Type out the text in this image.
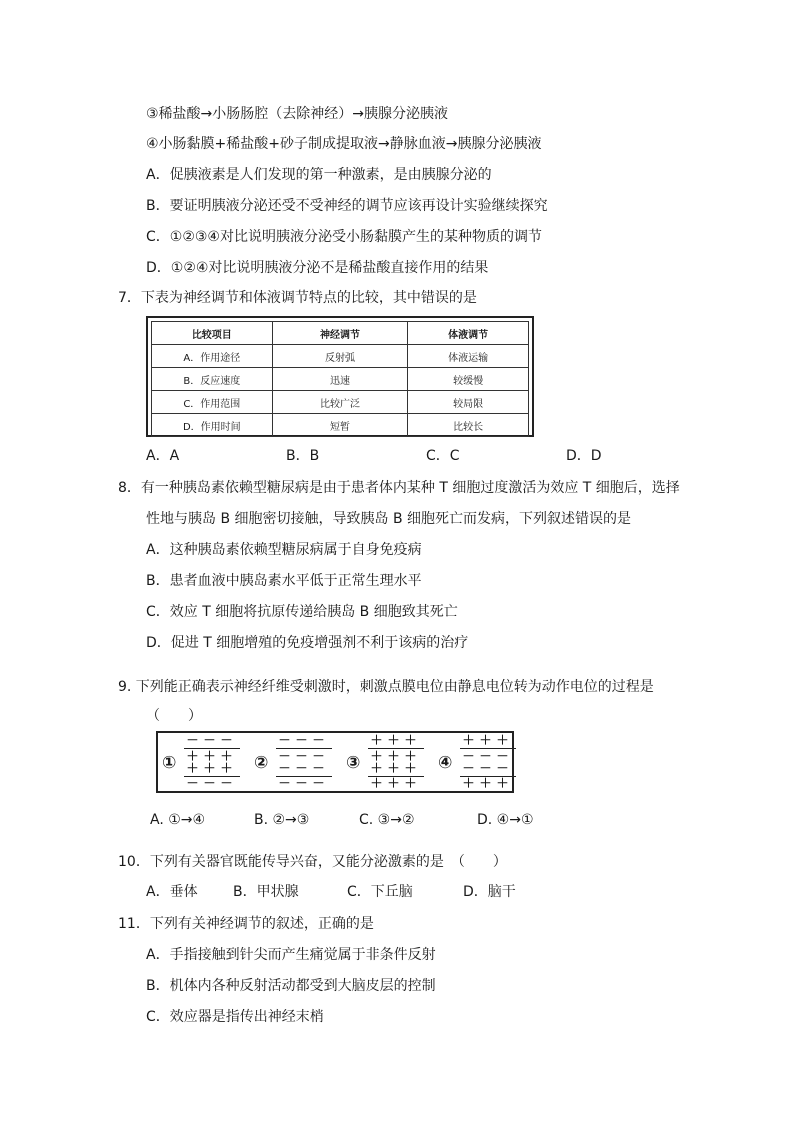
③稀盐酸→小肠肠腔（去除神经）→胰腺分泌胰液
④小肠黏膜+稀盐酸+砂子制成提取液→静脉血液→胰腺分泌胰液
A．促胰液素是人们发现的第一种激素，是由胰腺分泌的
B．要证明胰液分泌还受不受神经的调节应该再设计实验继续探究
C．①②③④对比说明胰液分泌受小肠黏膜产生的某种物质的调节
D．①②④对比说明胰液分泌不是稀盐酸直接作用的结果
7．下表为神经调节和体液调节特点的比较，其中错误的是
比较项目	神经调节	体液调节
A．作用途径	反射弧	体液运输
B．反应速度	迅速	较缓慢
C．作用范围	比较广泛	较局限
D．作用时间	短暂	比较长
A．A	B．B	C．C	D．D
8．有一种胰岛素依赖型糖尿病是由于患者体内某种 T 细胞过度激活为效应 T 细胞后，选择
性地与胰岛 B 细胞密切接触，导致胰岛 B 细胞死亡而发病，下列叙述错误的是
A．这种胰岛素依赖型糖尿病属于自身免疫病
B．患者血液中胰岛素水平低于正常生理水平
C．效应 T 细胞将抗原传递给胰岛 B 细胞致其死亡
D．促进 T 细胞增殖的免疫增强剂不利于该病的治疗
9. 下列能正确表示神经纤维受刺激时，刺激点膜电位由静息电位转为动作电位的过程是
（　　）
①
－－－
＋＋＋
＋＋＋
－－－
②
－－－
－－－
－－－
－－－
③
＋＋＋
＋＋＋
＋＋＋
＋＋＋
④
＋＋＋
－－－
－－－
＋＋＋
A. ①→④	B. ②→③	C. ③→②	D. ④→①
10．下列有关器官既能传导兴奋，又能分泌激素的是　（　　）
A．垂体	B．甲状腺	C．下丘脑	D．脑干
11．下列有关神经调节的叙述，正确的是
A．手指接触到针尖而产生痛觉属于非条件反射
B．机体内各种反射活动都受到大脑皮层的控制
C．效应器是指传出神经末梢
